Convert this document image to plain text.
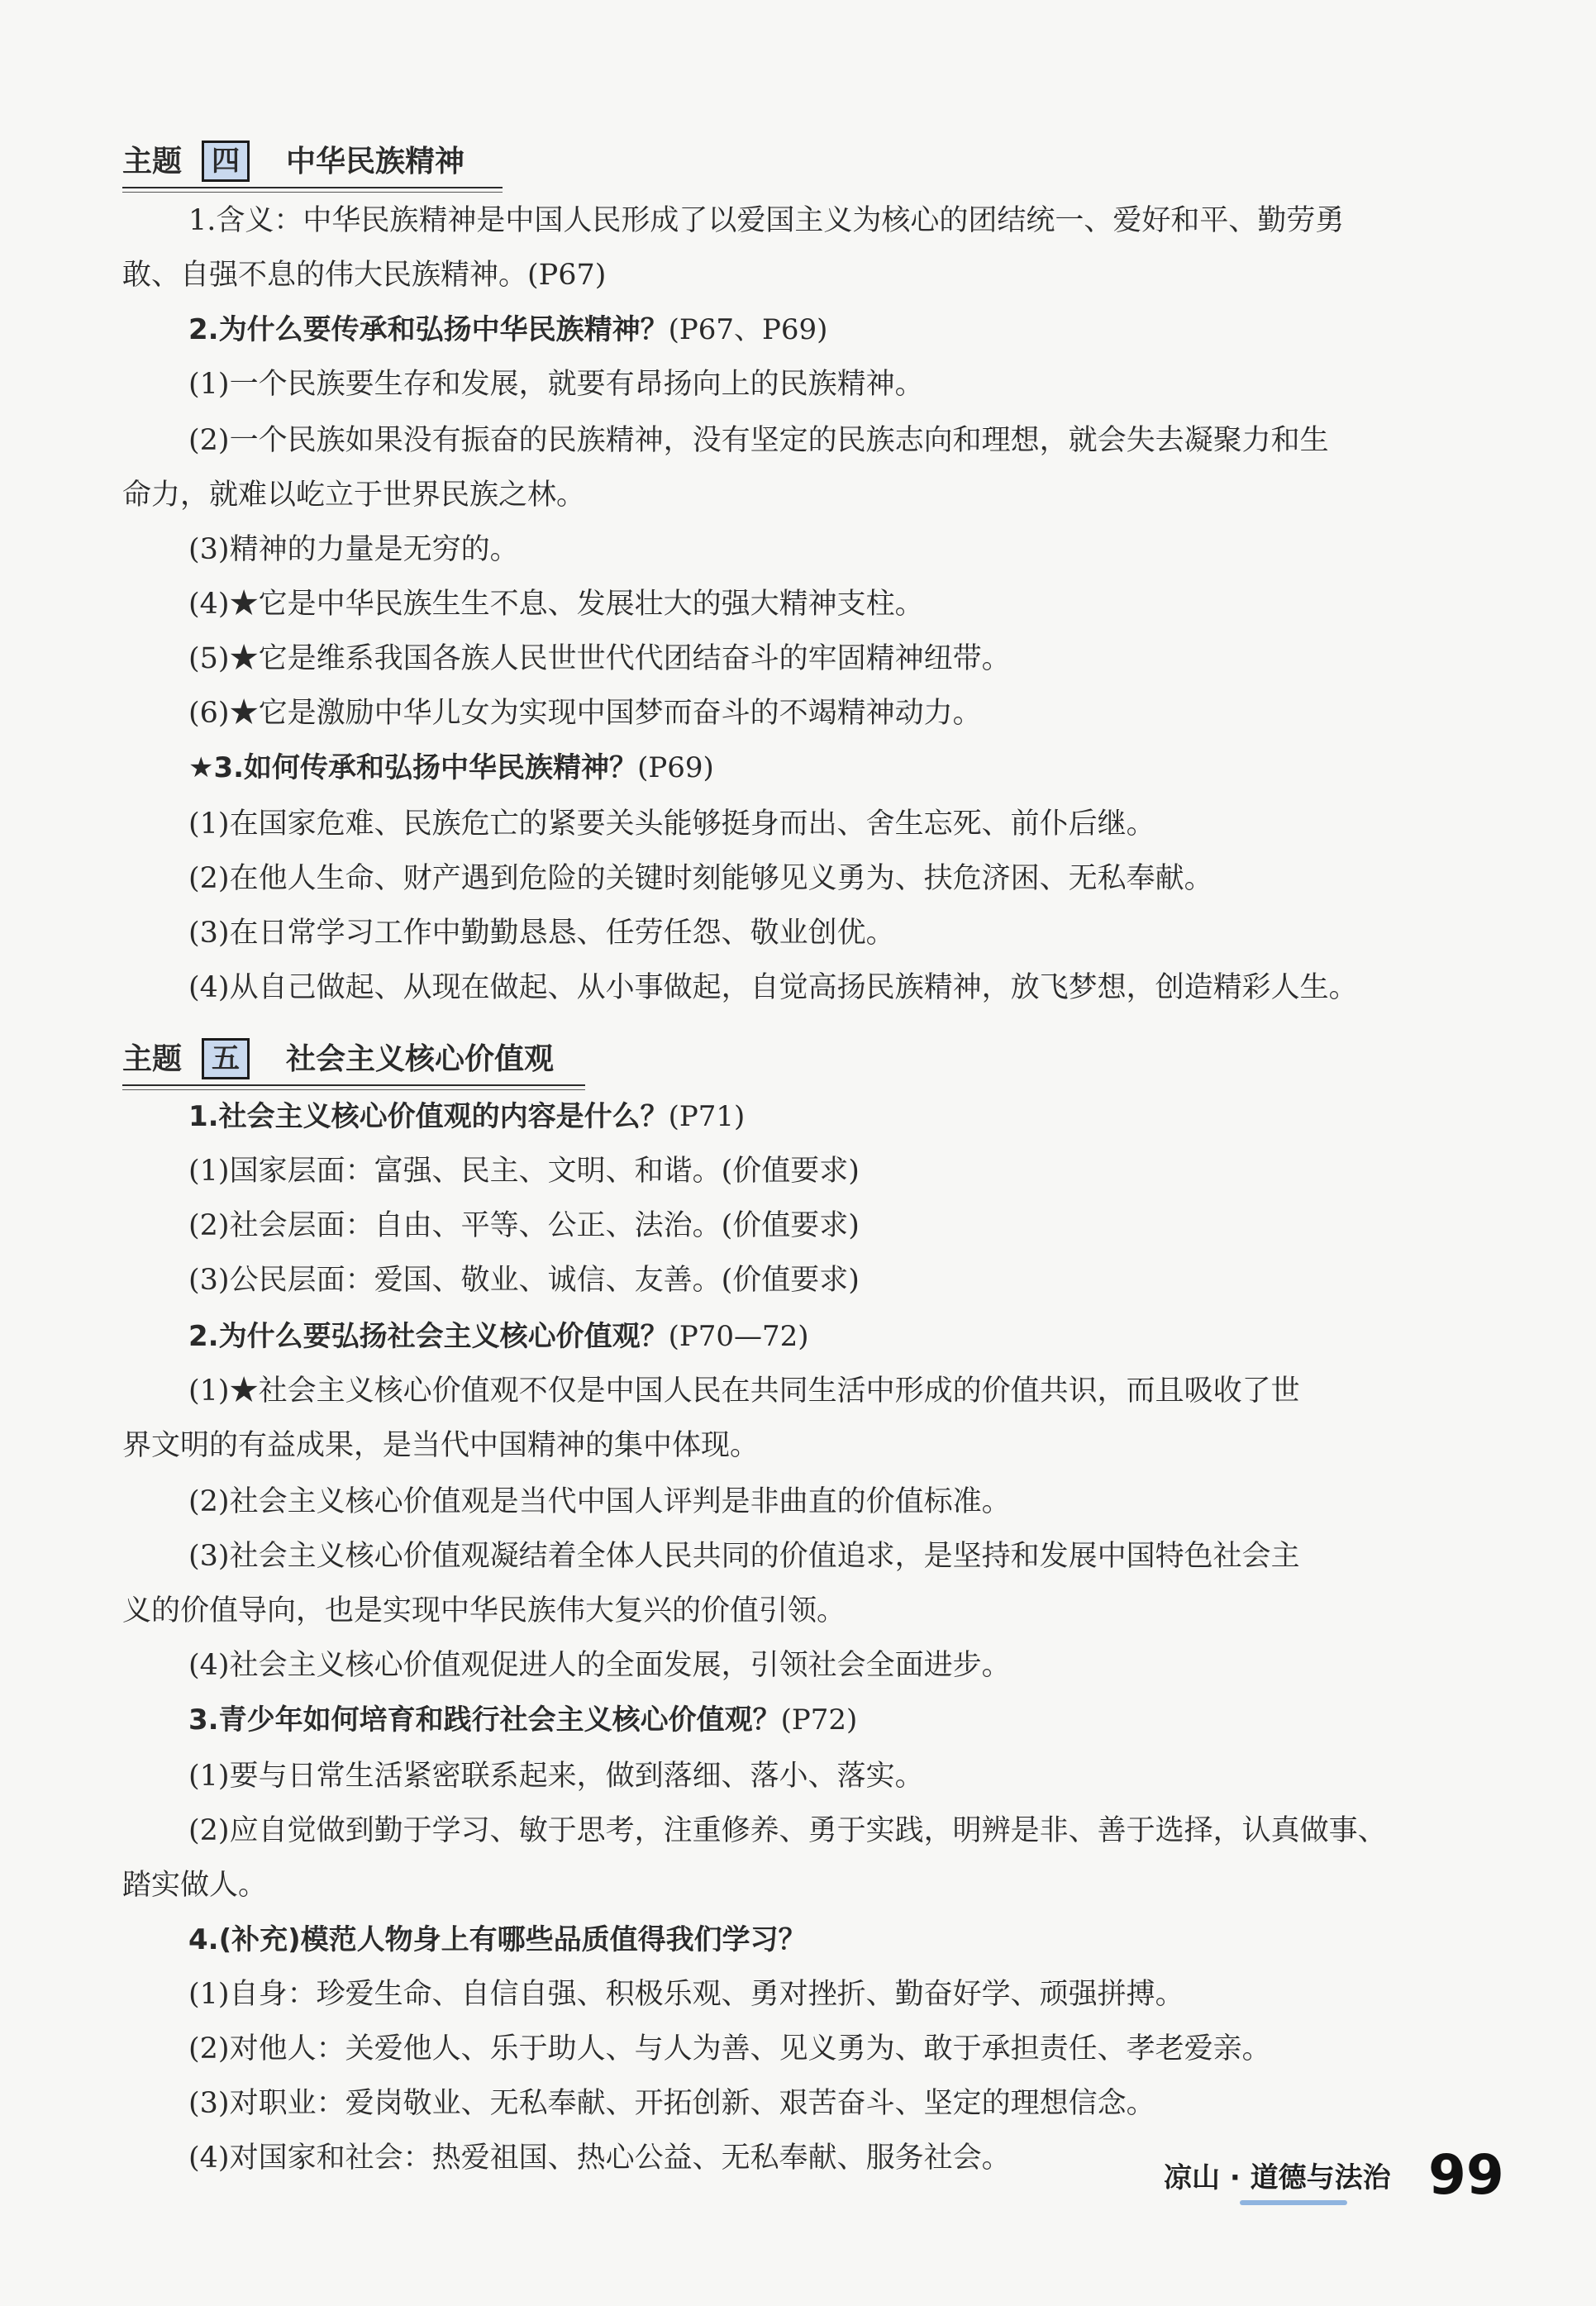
主题	四	中华民族精神
1.含义：中华民族精神是中国人民形成了以爱国主义为核心的团结统一、爱好和平、勤劳勇
敢、自强不息的伟大民族精神。(P67)
2.为什么要传承和弘扬中华民族精神？(P67、P69)
(1)一个民族要生存和发展，就要有昂扬向上的民族精神。
(2)一个民族如果没有振奋的民族精神，没有坚定的民族志向和理想，就会失去凝聚力和生
命力，就难以屹立于世界民族之林。
(3)精神的力量是无穷的。
(4)★它是中华民族生生不息、发展壮大的强大精神支柱。
(5)★它是维系我国各族人民世世代代团结奋斗的牢固精神纽带。
(6)★它是激励中华儿女为实现中国梦而奋斗的不竭精神动力。
★3.如何传承和弘扬中华民族精神？(P69)
(1)在国家危难、民族危亡的紧要关头能够挺身而出、舍生忘死、前仆后继。
(2)在他人生命、财产遇到危险的关键时刻能够见义勇为、扶危济困、无私奉献。
(3)在日常学习工作中勤勤恳恳、任劳任怨、敬业创优。
(4)从自己做起、从现在做起、从小事做起，自觉高扬民族精神，放飞梦想，创造精彩人生。
主题	五	社会主义核心价值观
1.社会主义核心价值观的内容是什么？(P71)
(1)国家层面：富强、民主、文明、和谐。(价值要求)
(2)社会层面：自由、平等、公正、法治。(价值要求)
(3)公民层面：爱国、敬业、诚信、友善。(价值要求)
2.为什么要弘扬社会主义核心价值观？(P70—72)
(1)★社会主义核心价值观不仅是中国人民在共同生活中形成的价值共识，而且吸收了世
界文明的有益成果，是当代中国精神的集中体现。
(2)社会主义核心价值观是当代中国人评判是非曲直的价值标准。
(3)社会主义核心价值观凝结着全体人民共同的价值追求，是坚持和发展中国特色社会主
义的价值导向，也是实现中华民族伟大复兴的价值引领。
(4)社会主义核心价值观促进人的全面发展，引领社会全面进步。
3.青少年如何培育和践行社会主义核心价值观？(P72)
(1)要与日常生活紧密联系起来，做到落细、落小、落实。
(2)应自觉做到勤于学习、敏于思考，注重修养、勇于实践，明辨是非、善于选择，认真做事、
踏实做人。
4.(补充)模范人物身上有哪些品质值得我们学习？
(1)自身：珍爱生命、自信自强、积极乐观、勇对挫折、勤奋好学、顽强拼搏。
(2)对他人：关爱他人、乐于助人、与人为善、见义勇为、敢于承担责任、孝老爱亲。
(3)对职业：爱岗敬业、无私奉献、开拓创新、艰苦奋斗、坚定的理想信念。
(4)对国家和社会：热爱祖国、热心公益、无私奉献、服务社会。
凉山 · 道德与法治 99
